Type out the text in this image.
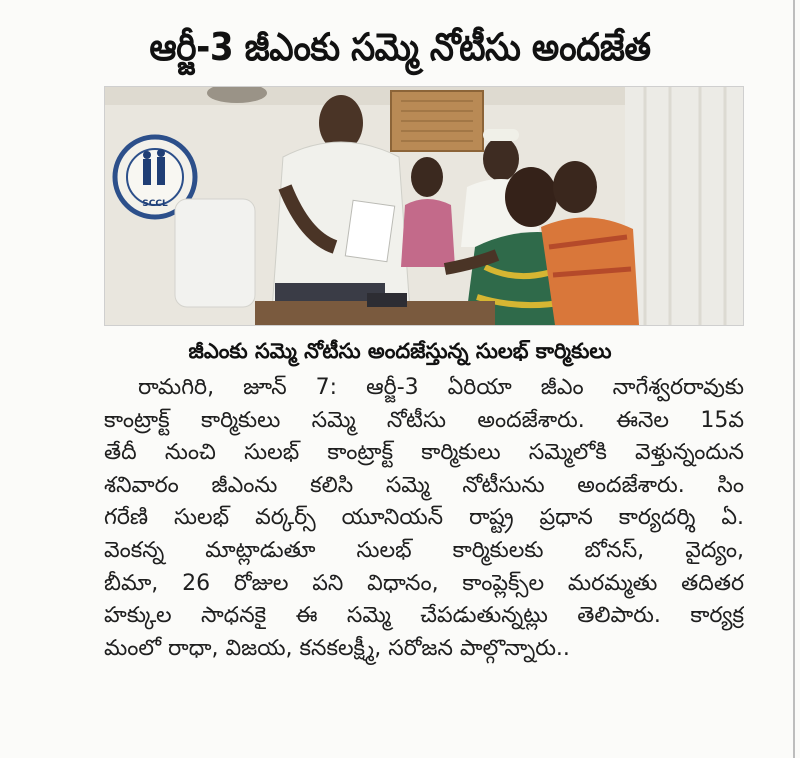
ఆర్జీ-3 జీఎంకు సమ్మె నోటీసు అందజేత
SCCL
జీఎంకు సమ్మె నోటీసు అందజేస్తున్న సులభ్ కార్మికులు
రామగిరి, జూన్ 7: ఆర్జీ-3 ఏరియా జీఎం నాగేశ్వరరావుకు
కాంట్రాక్ట్ కార్మికులు సమ్మె నోటీసు అందజేశారు. ఈనెల 15వ
తేదీ నుంచి సులభ్ కాంట్రాక్ట్ కార్మికులు సమ్మెలోకి వెళ్తున్నందున
శనివారం జీఎంను కలిసి సమ్మె నోటీసును అందజేశారు. సిం
గరేణి సులభ్ వర్కర్స్ యూనియన్ రాష్ట్ర ప్రధాన కార్యదర్శి ఏ.
వెంకన్న మాట్లాడుతూ సులభ్ కార్మికులకు బోనస్, వైద్యం,
బీమా, 26 రోజుల పని విధానం, కాంప్లెక్స్‌ల మరమ్మతు తదితర
హక్కుల సాధనకై ఈ సమ్మె చేపడుతున్నట్లు తెలిపారు. కార్యక్ర
మంలో రాధా, విజయ, కనకలక్ష్మీ, సరోజన పాల్గొన్నారు..
